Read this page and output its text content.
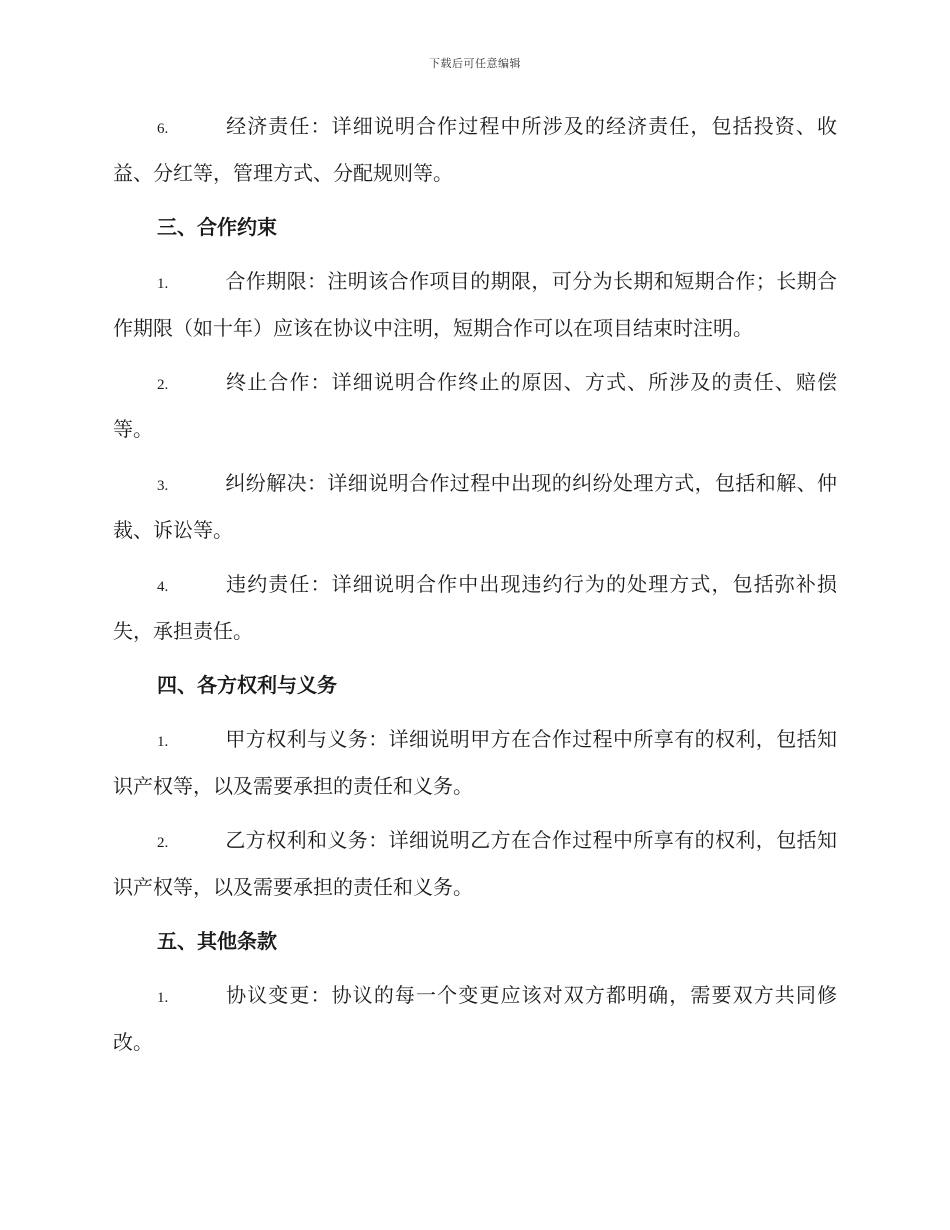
下载后可任意编辑

6.	经济责任：详细说明合作过程中所涉及的经济责任，包括投资、收益、分红等，管理方式、分配规则等。

三、合作约束

1.	合作期限：注明该合作项目的期限，可分为长期和短期合作；长期合作期限（如十年）应该在协议中注明，短期合作可以在项目结束时注明。

2.	终止合作：详细说明合作终止的原因、方式、所涉及的责任、赔偿等。

3.	纠纷解决：详细说明合作过程中出现的纠纷处理方式，包括和解、仲裁、诉讼等。

4.	违约责任：详细说明合作中出现违约行为的处理方式，包括弥补损失，承担责任。

四、各方权利与义务

1.	甲方权利与义务：详细说明甲方在合作过程中所享有的权利，包括知识产权等，以及需要承担的责任和义务。

2.	乙方权利和义务：详细说明乙方在合作过程中所享有的权利，包括知识产权等，以及需要承担的责任和义务。

五、其他条款

1.	协议变更：协议的每一个变更应该对双方都明确，需要双方共同修改。
